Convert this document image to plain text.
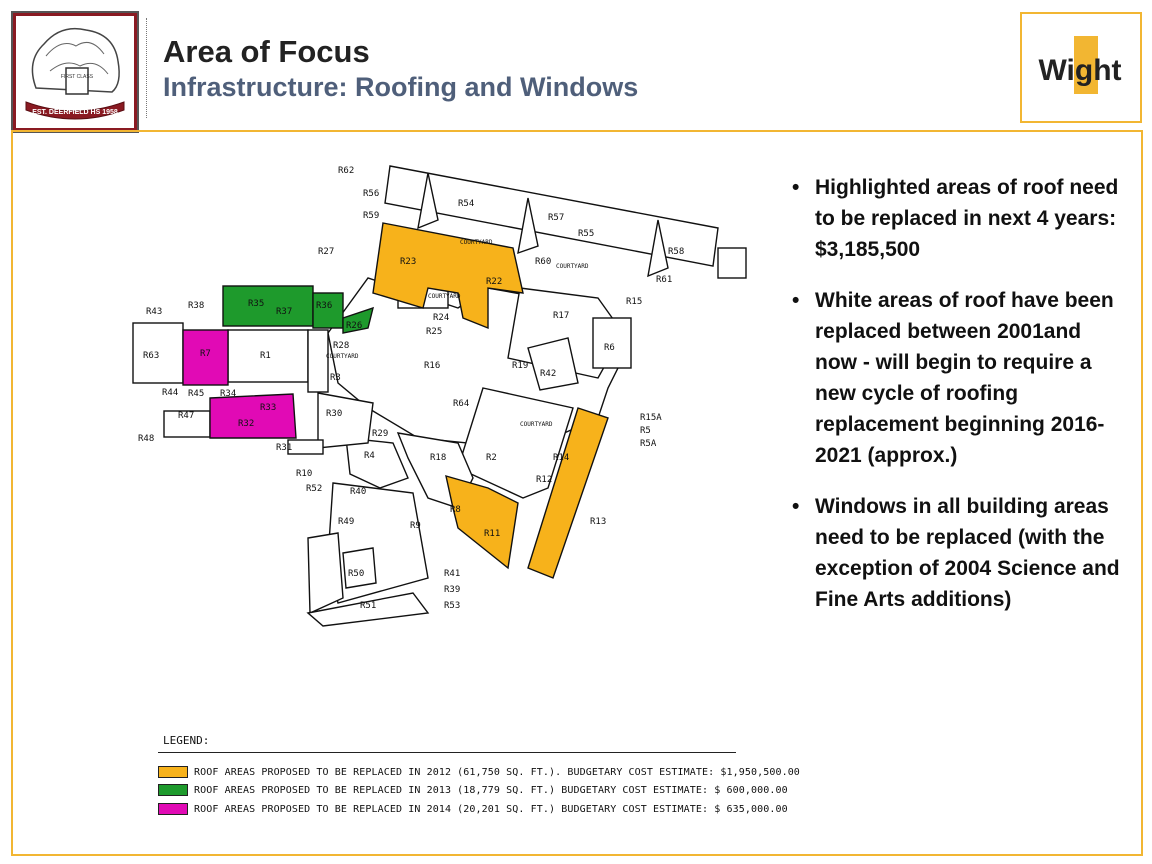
FIRST CLASS
EST. DEERFIELD HS 1958
Area of Focus
Infrastructure: Roofing and Windows	Wight
R62
R56
R59
R54
R57
R55
COURTYARD
R60 COURTYARD
R58
R61
R15
R27
R23
R22
COURTYARD
R24
R25
R17
R6
R43
R38	R35
R37
R36
R26
R63	R7	R1
R28
COURTYARD
R3
R16	R19
R42
R44 R45 R34
R33
R47
R32
R30
R64
R48	R29
COURTYARD
R15A
R5
R5A
R31
R4	R18	R2	R14
R10
R52	R40
R12
R8
R13
R49	R9
R11
R50	R41
R39
R51	R53
LEGEND:
ROOF AREAS PROPOSED TO BE REPLACED IN 2012 (61,750 SQ. FT.). BUDGETARY COST ESTIMATE: $1,950,500.00
ROOF AREAS PROPOSED TO BE REPLACED IN 2013 (18,779 SQ. FT.) BUDGETARY COST ESTIMATE: $ 600,000.00
ROOF AREAS PROPOSED TO BE REPLACED IN 2014 (20,201 SQ. FT.) BUDGETARY COST ESTIMATE: $ 635,000.00
• Highlighted areas of roof need to be replaced in next 4 years: $3,185,500
• White areas of roof have been replaced between 2001and now - will begin to require a new cycle of roofing replacement beginning 2016-2021 (approx.)
• Windows in all building areas need to be replaced (with the exception of 2004 Science and Fine Arts additions)
